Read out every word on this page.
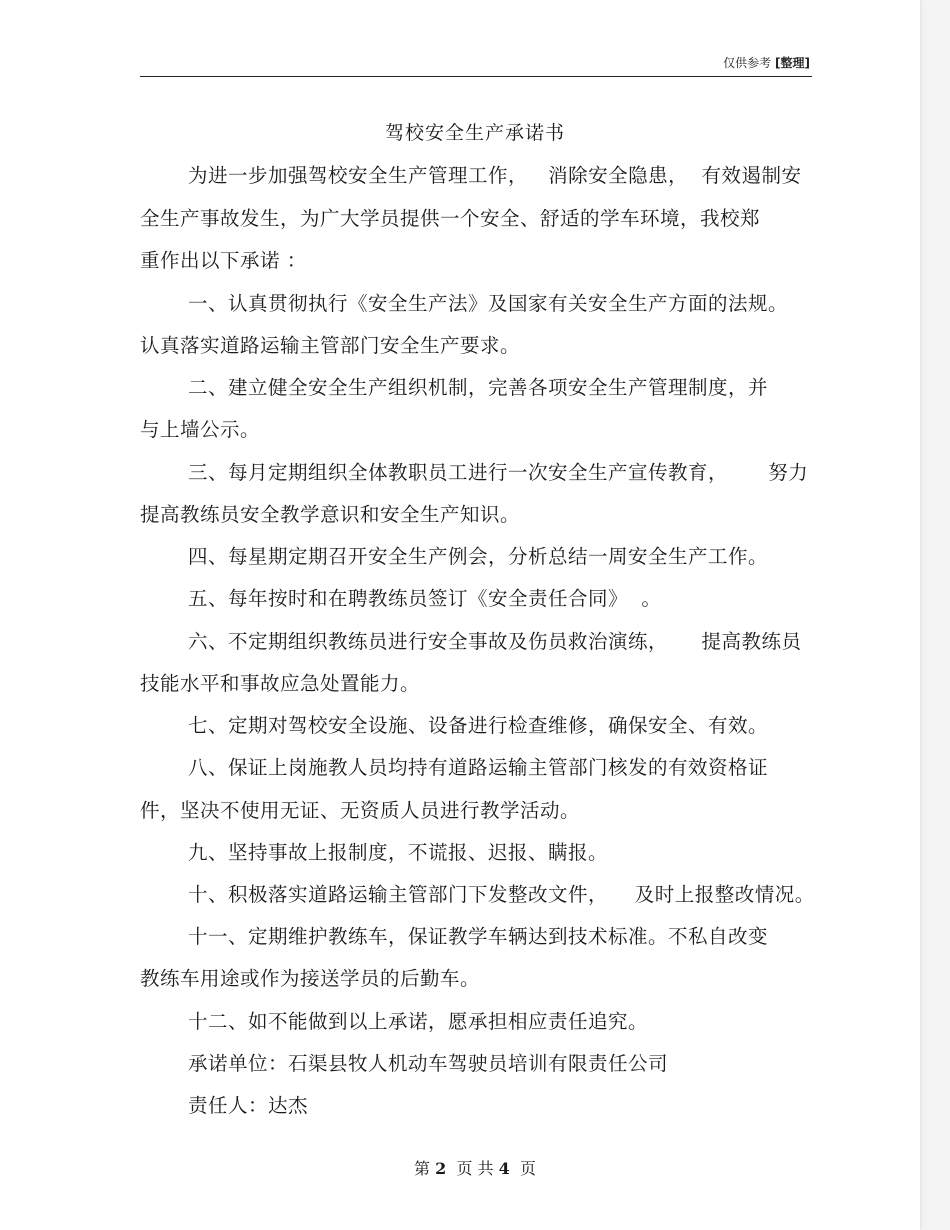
仅供参考 [整理]
驾校安全生产承诺书
为进一步加强驾校安全生产管理工作，   消除安全隐患，  有效遏制安
全生产事故发生，为广大学员提供一个安全、舒适的学车环境，我校郑
重作出以下承诺 ：
一、认真贯彻执行《安全生产法》及国家有关安全生产方面的法规。
认真落实道路运输主管部门安全生产要求。
二、建立健全安全生产组织机制，完善各项安全生产管理制度，并
与上墙公示。
三、每月定期组织全体教职员工进行一次安全生产宣传教育，      努力
提高教练员安全教学意识和安全生产知识。
四、每星期定期召开安全生产例会，分析总结一周安全生产工作。
五、每年按时和在聘教练员签订《安全责任合同》  。
六、不定期组织教练员进行安全事故及伤员救治演练，     提高教练员
技能水平和事故应急处置能力。
七、定期对驾校安全设施、设备进行检查维修，确保安全、有效。
八、保证上岗施教人员均持有道路运输主管部门核发的有效资格证
件，坚决不使用无证、无资质人员进行教学活动。
九、坚持事故上报制度，不谎报、迟报、瞒报。
十、积极落实道路运输主管部门下发整改文件，    及时上报整改情况。
十一、定期维护教练车，保证教学车辆达到技术标准。不私自改变
教练车用途或作为接送学员的后勤车。
十二、如不能做到以上承诺，愿承担相应责任追究。
承诺单位：石渠县牧人机动车驾驶员培训有限责任公司
责任人：达杰
第 2 页 共 4 页
